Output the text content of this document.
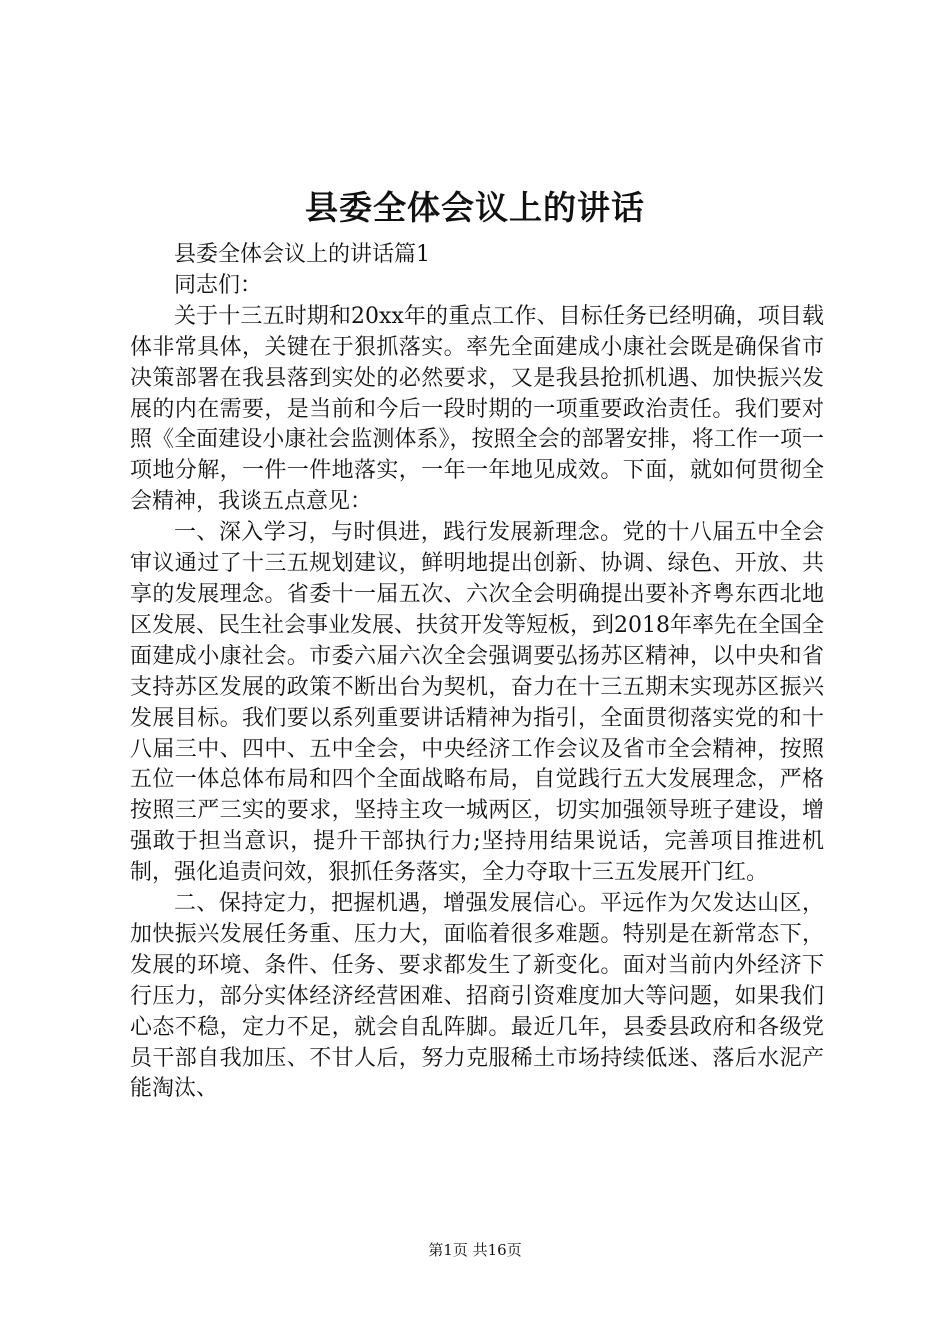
县委全体会议上的讲话

县委全体会议上的讲话篇1

同志们：

关于十三五时期和20xx年的重点工作、目标任务已经明确，项目载体非常具体，关键在于狠抓落实。率先全面建成小康社会既是确保省市决策部署在我县落到实处的必然要求，又是我县抢抓机遇、加快振兴发展的内在需要，是当前和今后一段时期的一项重要政治责任。我们要对照《全面建设小康社会监测体系》，按照全会的部署安排，将工作一项一项地分解，一件一件地落实，一年一年地见成效。下面，就如何贯彻全会精神，我谈五点意见：

一、深入学习，与时俱进，践行发展新理念。党的十八届五中全会审议通过了十三五规划建议，鲜明地提出创新、协调、绿色、开放、共享的发展理念。省委十一届五次、六次全会明确提出要补齐粤东西北地区发展、民生社会事业发展、扶贫开发等短板，到2018年率先在全国全面建成小康社会。市委六届六次全会强调要弘扬苏区精神，以中央和省支持苏区发展的政策不断出台为契机，奋力在十三五期末实现苏区振兴发展目标。我们要以系列重要讲话精神为指引，全面贯彻落实党的和十八届三中、四中、五中全会，中央经济工作会议及省市全会精神，按照五位一体总体布局和四个全面战略布局，自觉践行五大发展理念，严格按照三严三实的要求，坚持主攻一城两区，切实加强领导班子建设，增强敢于担当意识，提升干部执行力;坚持用结果说话，完善项目推进机制，强化追责问效，狠抓任务落实，全力夺取十三五发展开门红。

二、保持定力，把握机遇，增强发展信心。平远作为欠发达山区，加快振兴发展任务重、压力大，面临着很多难题。特别是在新常态下，发展的环境、条件、任务、要求都发生了新变化。面对当前内外经济下行压力，部分实体经济经营困难、招商引资难度加大等问题，如果我们心态不稳，定力不足，就会自乱阵脚。最近几年，县委县政府和各级党员干部自我加压、不甘人后，努力克服稀土市场持续低迷、落后水泥产能淘汰、

第1页 共16页
